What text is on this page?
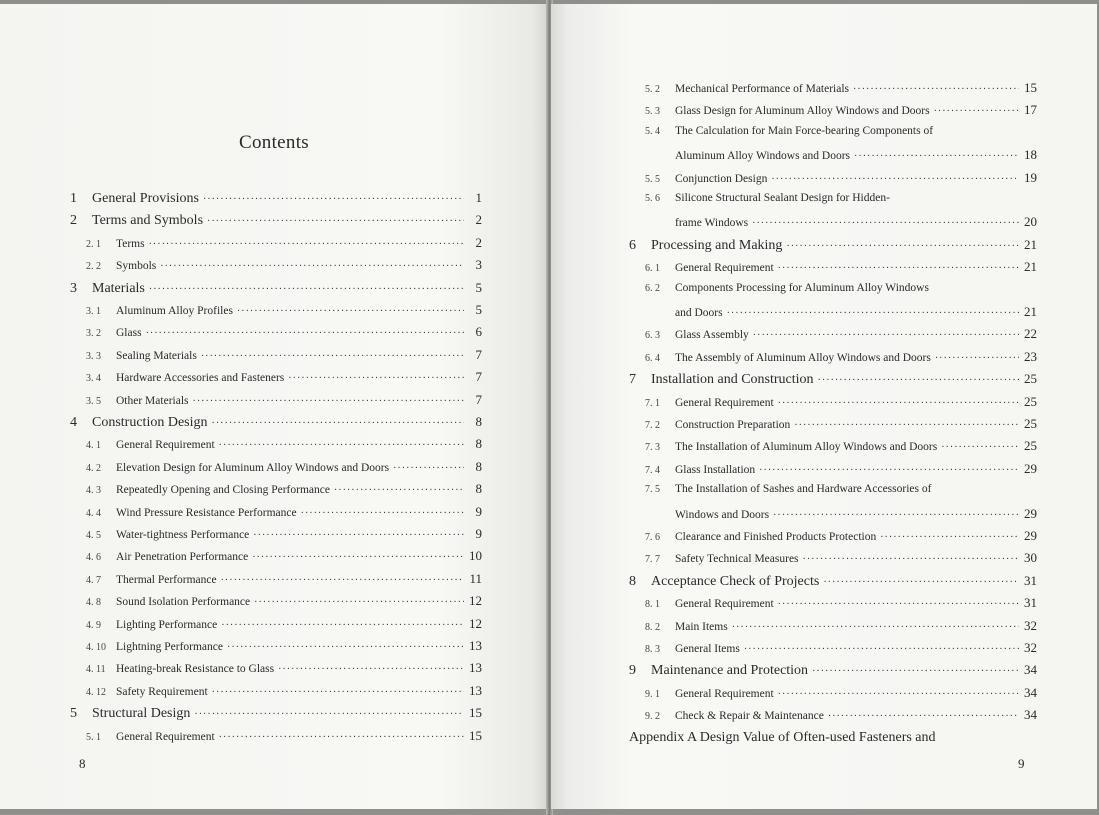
Contents
1	General Provisions ·····	1
2	Terms and Symbols ·····	2
2. 1	Terms ·····	2
2. 2	Symbols ·····	3
3	Materials ·····	5
3. 1	Aluminum Alloy Profiles ·····	5
3. 2	Glass ·····	6
3. 3	Sealing Materials ·····	7
3. 4	Hardware Accessories and Fasteners ·····	7
3. 5	Other Materials ·····	7
4	Construction Design ·····	8
4. 1	General Requirement ·····	8
4. 2	Elevation Design for Aluminum Alloy Windows and Doors ·····	8
4. 3	Repeatedly Opening and Closing Performance ·····	8
4. 4	Wind Pressure Resistance Performance ·····	9
4. 5	Water-tightness Performance ·····	9
4. 6	Air Penetration Performance ·····	10
4. 7	Thermal Performance ·····	11
4. 8	Sound Isolation Performance ·····	12
4. 9	Lighting Performance ·····	12
4. 10 Lightning Performance ·····	13
4. 11 Heating-break Resistance to Glass ·····	13
4. 12 Safety Requirement ·····	13
5	Structural Design ·····	15
5. 1	General Requirement ·····	15
8
5. 2	Mechanical Performance of Materials ·····	15
5. 3	Glass Design for Aluminum Alloy Windows and Doors ·····	17
5. 4	The Calculation for Main Force-bearing Components of
Aluminum Alloy Windows and Doors ·····	18
5. 5	Conjunction Design ·····	19
5. 6	Silicone Structural Sealant Design for Hidden-
frame Windows ·····	20
6	Processing and Making ·····	21
6. 1	General Requirement ·····	21
6. 2	Components Processing for Aluminum Alloy Windows
and Doors ·····	21
6. 3	Glass Assembly ·····	22
6. 4	The Assembly of Aluminum Alloy Windows and Doors ·····	23
7	Installation and Construction ·····	25
7. 1	General Requirement ·····	25
7. 2	Construction Preparation ·····	25
7. 3	The Installation of Aluminum Alloy Windows and Doors ·····	25
7. 4	Glass Installation ·····	29
7. 5	The Installation of Sashes and Hardware Accessories of
Windows and Doors ·····	29
7. 6	Clearance and Finished Products Protection ·····	29
7. 7	Safety Technical Measures ·····	30
8	Acceptance Check of Projects ·····	31
8. 1	General Requirement ·····	31
8. 2	Main Items ·····	32
8. 3	General Items ·····	32
9	Maintenance and Protection ·····	34
9. 1	General Requirement ·····	34
9. 2	Check & Repair & Maintenance ·····	34
Appendix A Design Value of Often-used Fasteners and
9
